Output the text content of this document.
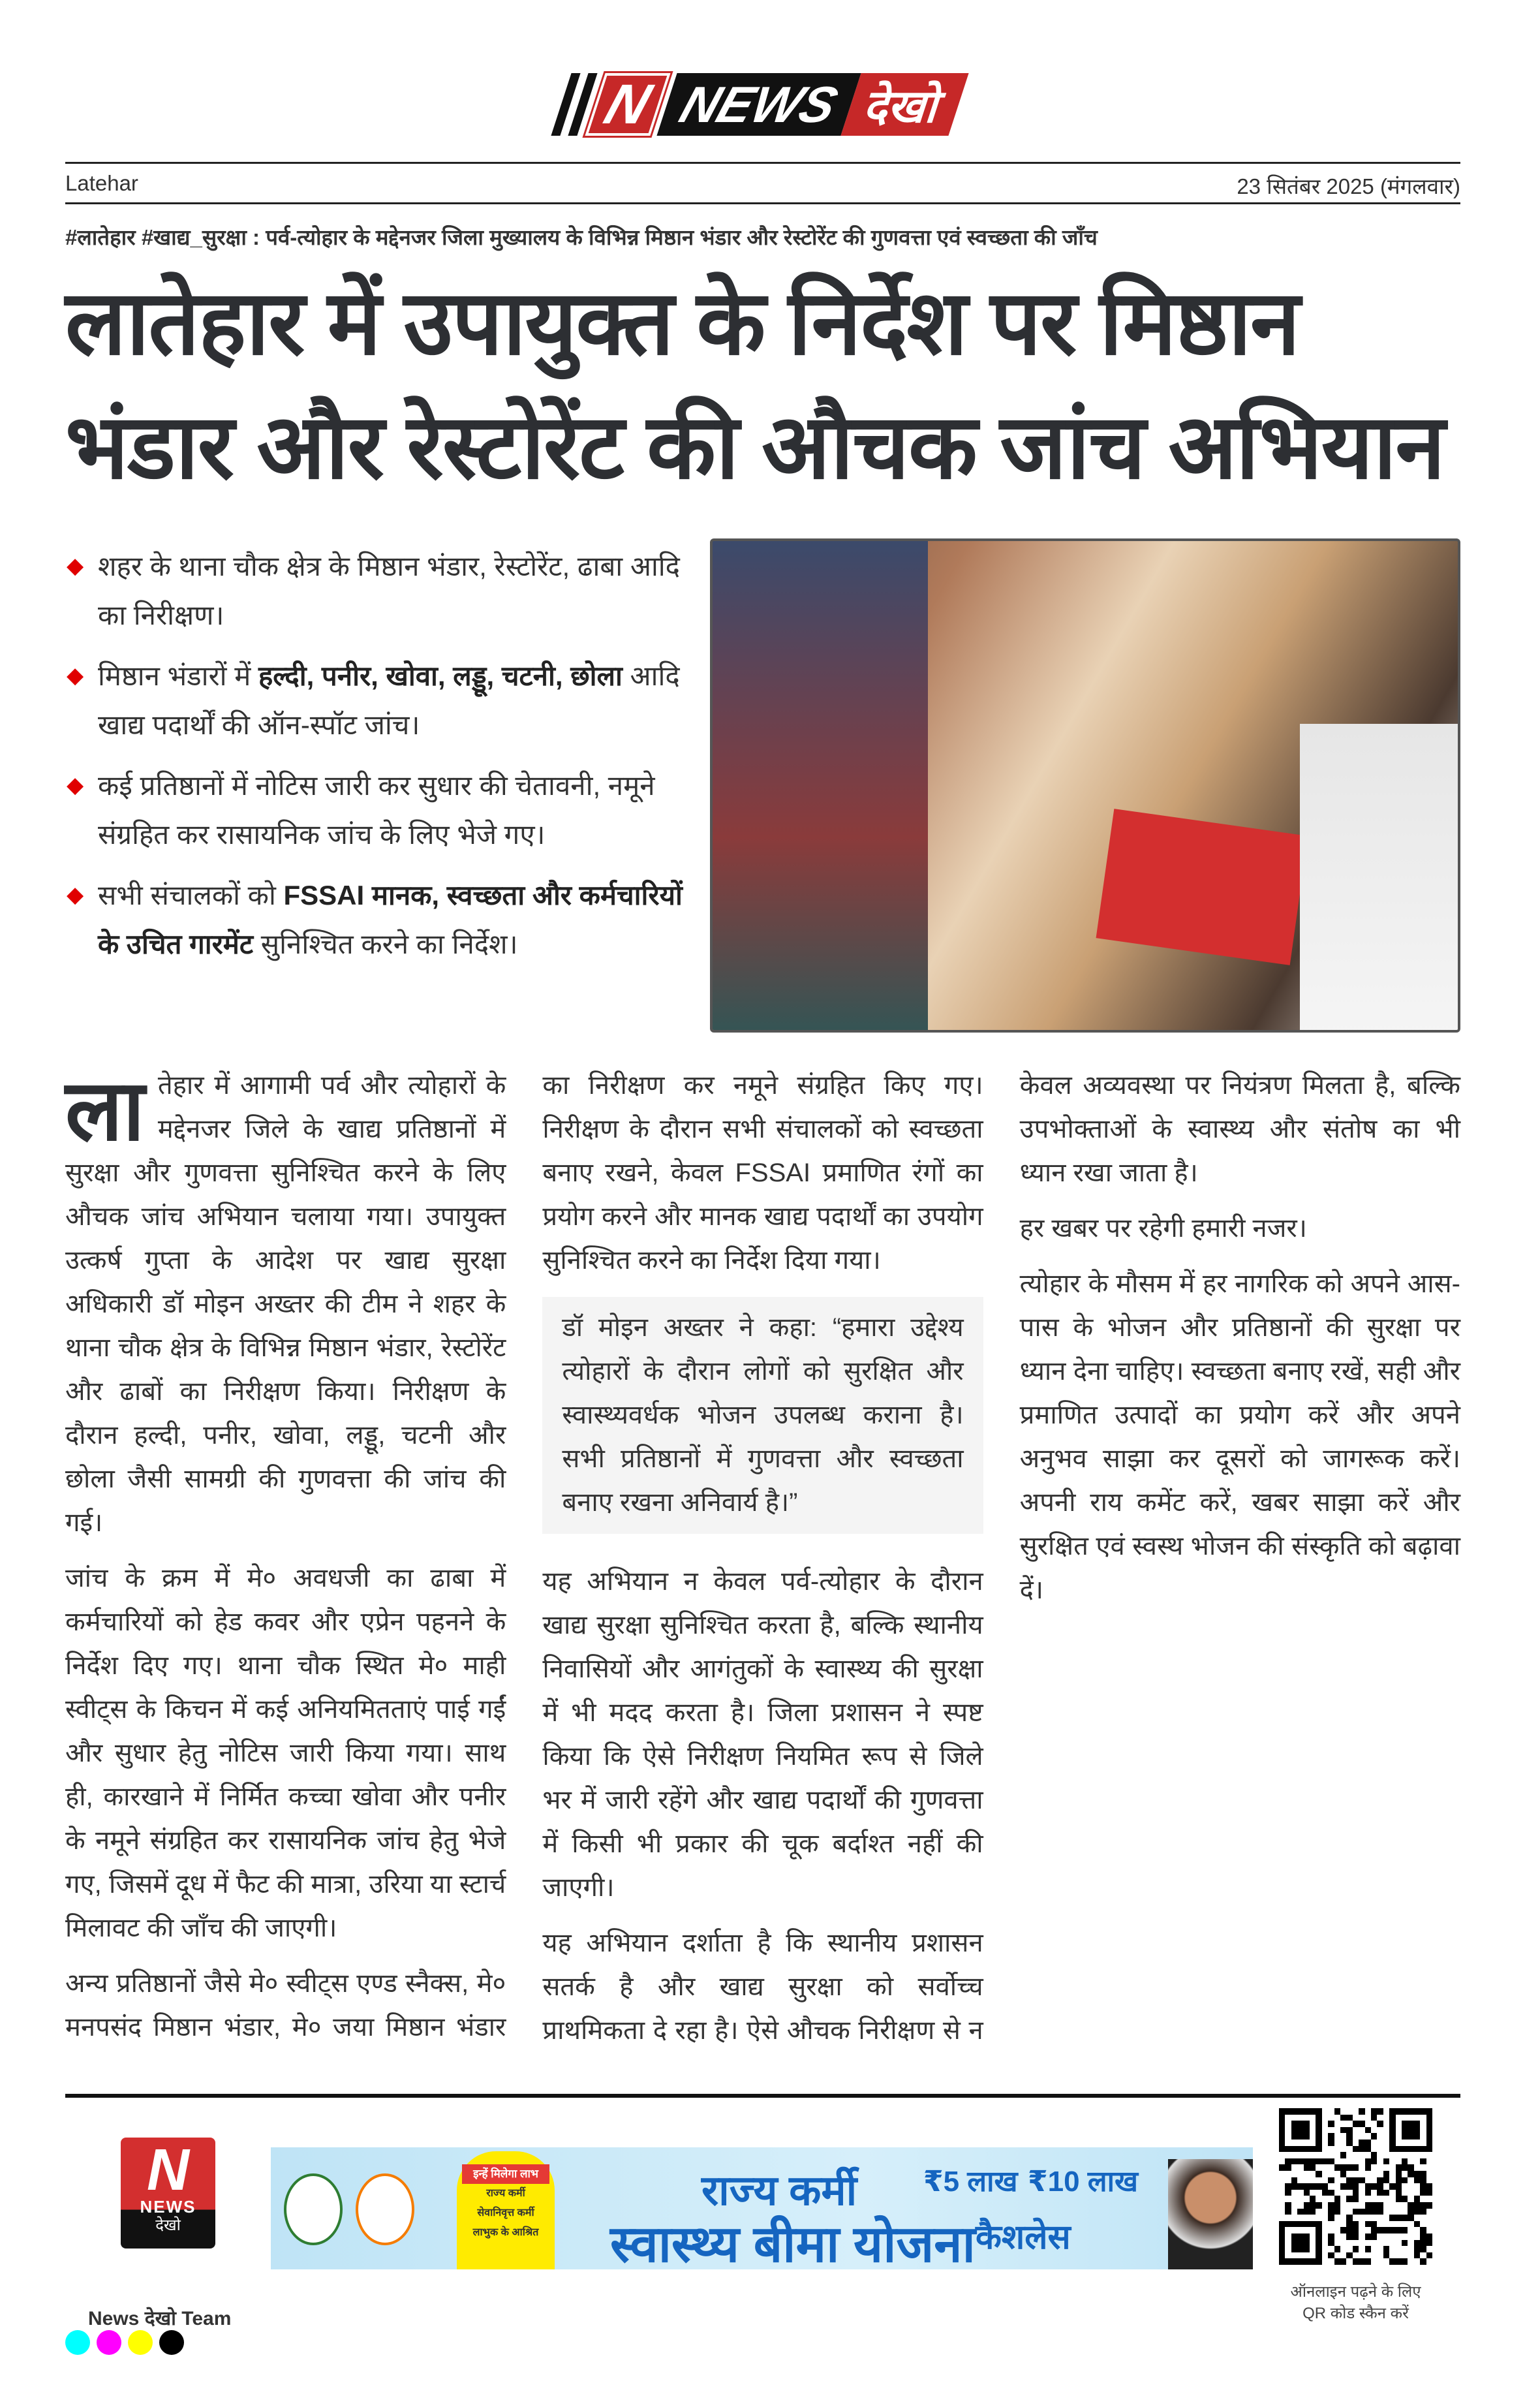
N NEWS देखो
Latehar	23 सितंबर 2025 (मंगलवार)
#लातेहार #खाद्य_सुरक्षा : पर्व-त्योहार के मद्देनजर जिला मुख्यालय के विभिन्न मिष्ठान भंडार और रेस्टोरेंट की गुणवत्ता एवं स्वच्छता की जाँच
लातेहार में उपायुक्त के निर्देश पर मिष्ठान भंडार और रेस्टोरेंट की औचक जांच अभियान
◆ शहर के थाना चौक क्षेत्र के मिष्ठान भंडार, रेस्टोरेंट, ढाबा आदि का निरीक्षण।
◆ मिष्ठान भंडारों में हल्दी, पनीर, खोवा, लड्डू, चटनी, छोला आदि खाद्य पदार्थों की ऑन-स्पॉट जांच।
◆ कई प्रतिष्ठानों में नोटिस जारी कर सुधार की चेतावनी, नमूने संग्रहित कर रासायनिक जांच के लिए भेजे गए।
◆ सभी संचालकों को FSSAI मानक, स्वच्छता और कर्मचारियों के उचित गारमेंट सुनिश्चित करने का निर्देश।

लातेहार में आगामी पर्व और त्योहारों के मद्देनजर जिले के खाद्य प्रतिष्ठानों में सुरक्षा और गुणवत्ता सुनिश्चित करने के लिए औचक जांच अभियान चलाया गया। उपायुक्त उत्कर्ष गुप्ता के आदेश पर खाद्य सुरक्षा अधिकारी डॉ मोइन अख्तर की टीम ने शहर के थाना चौक क्षेत्र के विभिन्न मिष्ठान भंडार, रेस्टोरेंट और ढाबों का निरीक्षण किया। निरीक्षण के दौरान हल्दी, पनीर, खोवा, लड्डू, चटनी और छोला जैसी सामग्री की गुणवत्ता की जांच की गई।

जांच के क्रम में मे० अवधजी का ढाबा में कर्मचारियों को हेड कवर और एप्रेन पहनने के निर्देश दिए गए। थाना चौक स्थित मे० माही स्वीट्स के किचन में कई अनियमितताएं पाई गईं और सुधार हेतु नोटिस जारी किया गया। साथ ही, कारखाने में निर्मित कच्चा खोवा और पनीर के नमूने संग्रहित कर रासायनिक जांच हेतु भेजे गए, जिसमें दूध में फैट की मात्रा, उरिया या स्टार्च मिलावट की जाँच की जाएगी।

अन्य प्रतिष्ठानों जैसे मे० स्वीट्स एण्ड स्नैक्स, मे० मनपसंद मिष्ठान भंडार, मे० जया मिष्ठान भंडार का निरीक्षण कर नमूने संग्रहित किए गए। निरीक्षण के दौरान सभी संचालकों को स्वच्छता बनाए रखने, केवल FSSAI प्रमाणित रंगों का प्रयोग करने और मानक खाद्य पदार्थों का उपयोग सुनिश्चित करने का निर्देश दिया गया।

डॉ मोइन अख्तर ने कहा: “हमारा उद्देश्य त्योहारों के दौरान लोगों को सुरक्षित और स्वास्थ्यवर्धक भोजन उपलब्ध कराना है। सभी प्रतिष्ठानों में गुणवत्ता और स्वच्छता बनाए रखना अनिवार्य है।”

यह अभियान न केवल पर्व-त्योहार के दौरान खाद्य सुरक्षा सुनिश्चित करता है, बल्कि स्थानीय निवासियों और आगंतुकों के स्वास्थ्य की सुरक्षा में भी मदद करता है। जिला प्रशासन ने स्पष्ट किया कि ऐसे निरीक्षण नियमित रूप से जिले भर में जारी रहेंगे और खाद्य पदार्थों की गुणवत्ता में किसी भी प्रकार की चूक बर्दाश्त नहीं की जाएगी।

यह अभियान दर्शाता है कि स्थानीय प्रशासन सतर्क है और खाद्य सुरक्षा को सर्वोच्च प्राथमिकता दे रहा है। ऐसे औचक निरीक्षण से न केवल अव्यवस्था पर नियंत्रण मिलता है, बल्कि उपभोक्ताओं के स्वास्थ्य और संतोष का भी ध्यान रखा जाता है।

हर खबर पर रहेगी हमारी नजर।

त्योहार के मौसम में हर नागरिक को अपने आस-पास के भोजन और प्रतिष्ठानों की सुरक्षा पर ध्यान देना चाहिए। स्वच्छता बनाए रखें, सही और प्रमाणित उत्पादों का प्रयोग करें और अपने अनुभव साझा कर दूसरों को जागरूक करें। अपनी राय कमेंट करें, खबर साझा करें और सुरक्षित एवं स्वस्थ भोजन की संस्कृति को बढ़ावा दें।

N
NEWS
देखो
News देखो Team
इन्हें मिलेगा लाभ
राज्य कर्मी
सेवानिवृत्त कर्मी
लाभुक के आश्रित
राज्य कर्मी
स्वास्थ्य बीमा योजना
₹5 लाख ₹10 लाख
कैशलेस
ऑनलाइन पढ़ने के लिए
QR कोड स्कैन करें
